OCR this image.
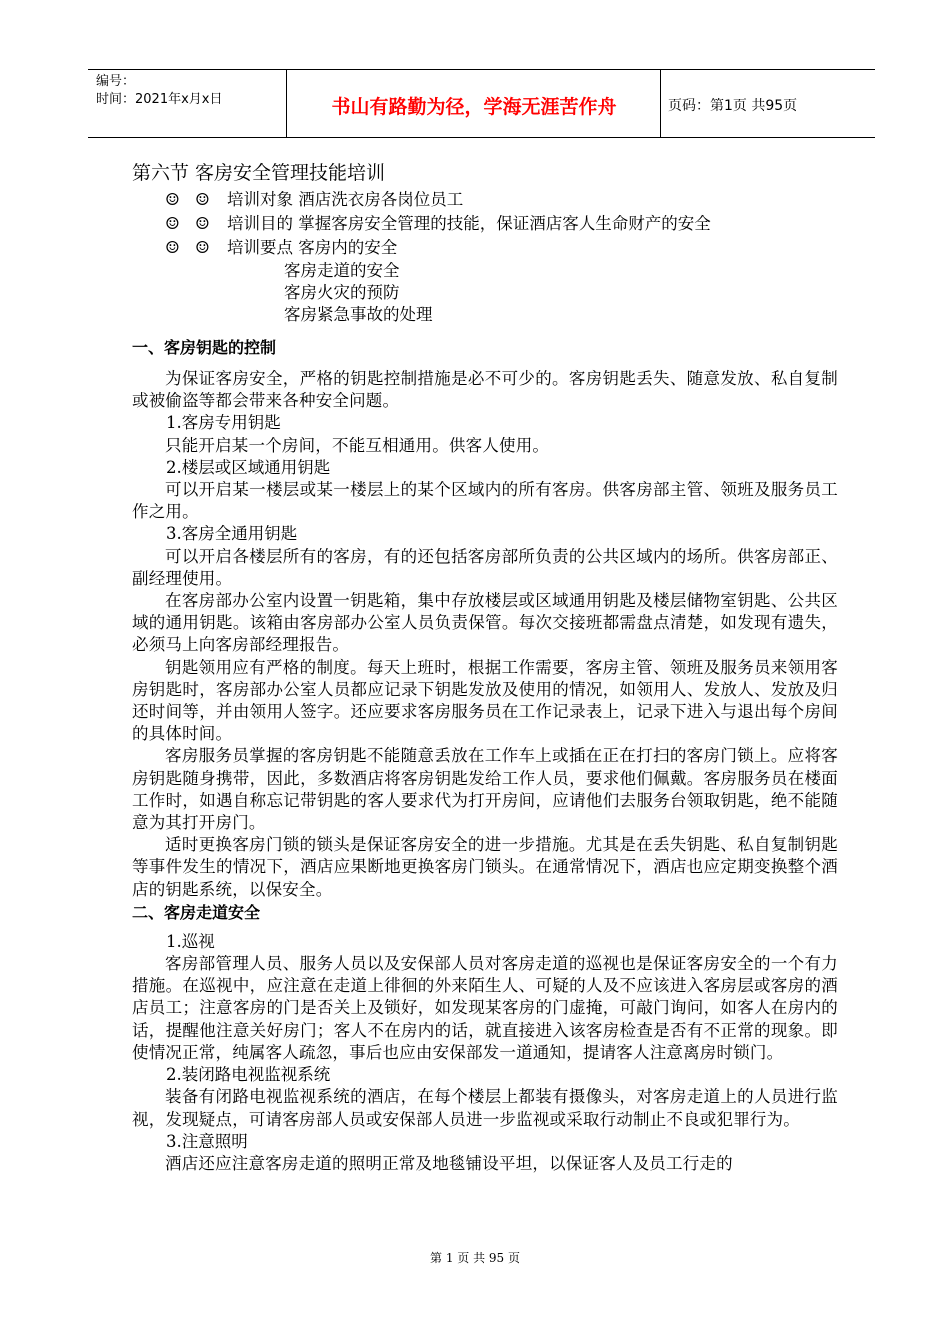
编号：
时间：2021年x月x日	书山有路勤为径，学海无涯苦作舟	页码：第1页 共95页
第六节 客房安全管理技能培训
☺ ☺ 培训对象 酒店洗衣房各岗位员工
☺ ☺ 培训目的 掌握客房安全管理的技能，保证酒店客人生命财产的安全
☺ ☺ 培训要点 客房内的安全
客房走道的安全
客房火灾的预防
客房紧急事故的处理
一、客房钥匙的控制

为保证客房安全，严格的钥匙控制措施是必不可少的。客房钥匙丢失、随意发放、私自复制或被偷盗等都会带来各种安全问题。

1.客房专用钥匙

只能开启某一个房间，不能互相通用。供客人使用。

2.楼层或区域通用钥匙

可以开启某一楼层或某一楼层上的某个区域内的所有客房。供客房部主管、领班及服务员工作之用。

3.客房全通用钥匙

可以开启各楼层所有的客房，有的还包括客房部所负责的公共区域内的场所。供客房部正、副经理使用。

在客房部办公室内设置一钥匙箱，集中存放楼层或区域通用钥匙及楼层储物室钥匙、公共区域的通用钥匙。该箱由客房部办公室人员负责保管。每次交接班都需盘点清楚，如发现有遗失，必须马上向客房部经理报告。

钥匙领用应有严格的制度。每天上班时，根据工作需要，客房主管、领班及服务员来领用客房钥匙时，客房部办公室人员都应记录下钥匙发放及使用的情况，如领用人、发放人、发放及归还时间等，并由领用人签字。还应要求客房服务员在工作记录表上，记录下进入与退出每个房间的具体时间。

客房服务员掌握的客房钥匙不能随意丢放在工作车上或插在正在打扫的客房门锁上。应将客房钥匙随身携带，因此，多数酒店将客房钥匙发给工作人员，要求他们佩戴。客房服务员在楼面工作时，如遇自称忘记带钥匙的客人要求代为打开房间，应请他们去服务台领取钥匙，绝不能随意为其打开房门。

适时更换客房门锁的锁头是保证客房安全的进一步措施。尤其是在丢失钥匙、私自复制钥匙等事件发生的情况下，酒店应果断地更换客房门锁头。在通常情况下，酒店也应定期变换整个酒店的钥匙系统，以保安全。

二、客房走道安全
1.巡视

客房部管理人员、服务人员以及安保部人员对客房走道的巡视也是保证客房安全的一个有力措施。在巡视中，应注意在走道上徘徊的外来陌生人、可疑的人及不应该进入客房层或客房的酒店员工；注意客房的门是否关上及锁好，如发现某客房的门虚掩，可敲门询问，如客人在房内的话，提醒他注意关好房门；客人不在房内的话，就直接进入该客房检查是否有不正常的现象。即使情况正常，纯属客人疏忽，事后也应由安保部发一道通知，提请客人注意离房时锁门。

2.装闭路电视监视系统

装备有闭路电视监视系统的酒店，在每个楼层上都装有摄像头，对客房走道上的人员进行监视，发现疑点，可请客房部人员或安保部人员进一步监视或采取行动制止不良或犯罪行为。

3.注意照明

酒店还应注意客房走道的照明正常及地毯铺设平坦，以保证客人及员工行走的

第 1 页 共 95 页
